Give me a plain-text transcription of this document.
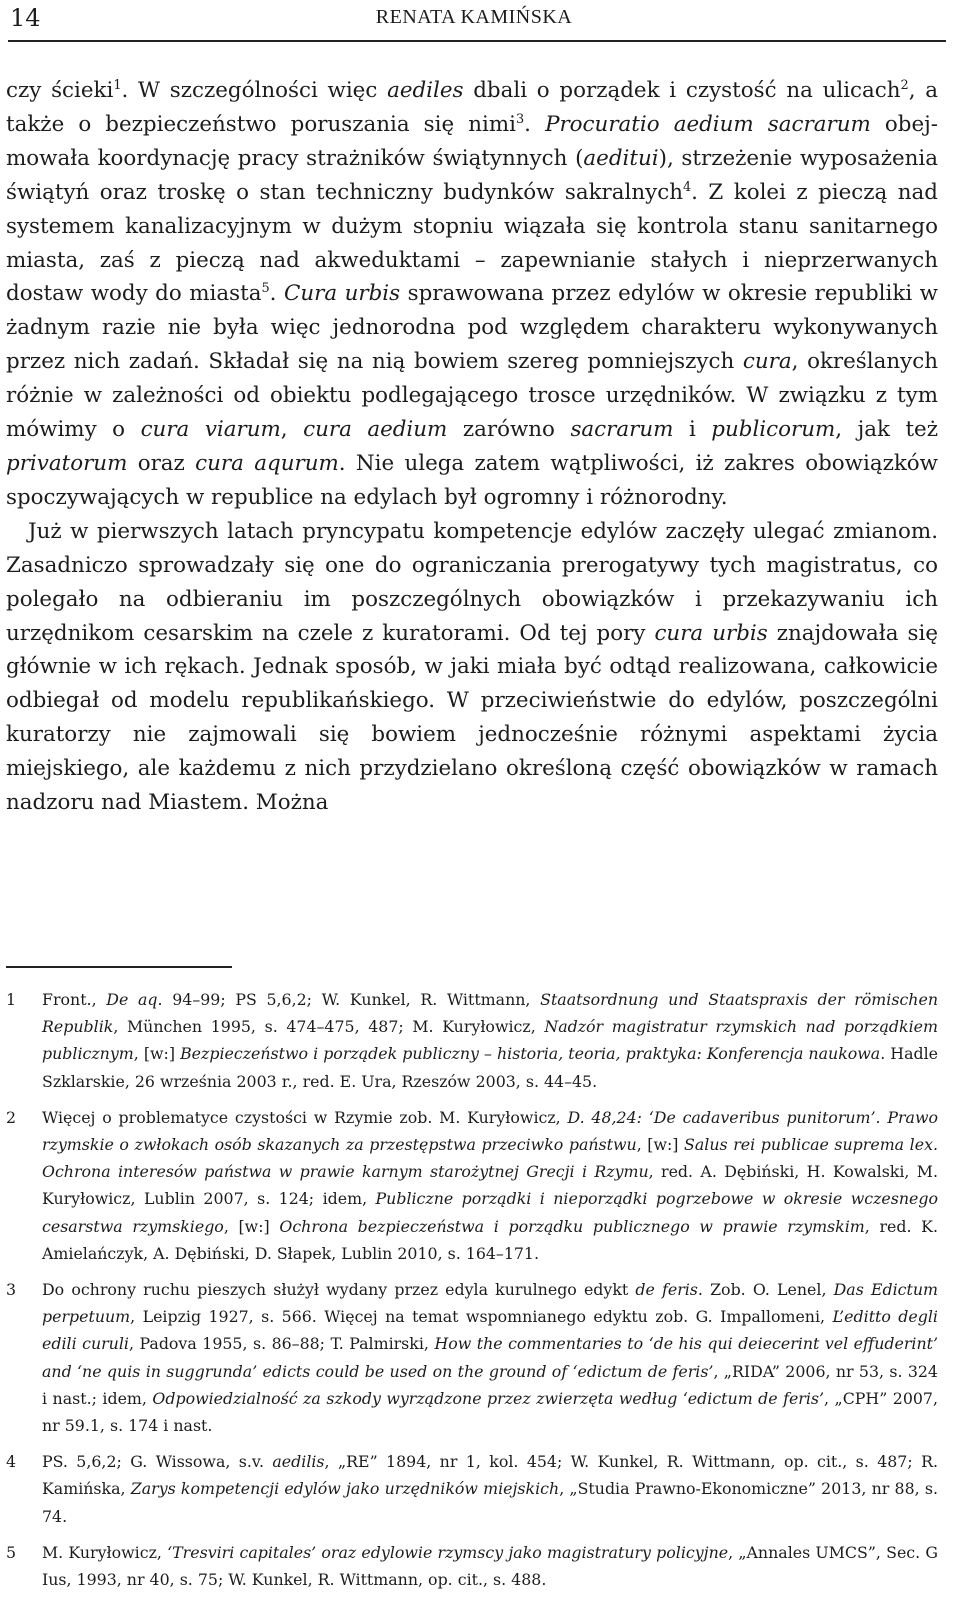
14	RENATA KAMIŃSKA

czy ścieki$^1$. W szczególności więc aediles dbali o porządek i czystość na ulicach$^2$, a także o bezpieczeństwo poruszania się nimi$^3$. Procuratio aedium sacrarum obejmowała koordynację pracy strażników świątynnych (aeditui), strzeżenie wyposażenia świątyń oraz troskę o stan techniczny budynków sakralnych$^4$. Z kolei z pieczą nad systemem kanalizacyjnym w dużym stopniu wiązała się kontrola stanu sanitarnego miasta, zaś z pieczą nad akweduktami – zapewnianie stałych i nieprzerwanych dostaw wody do miasta$^5$. Cura urbis sprawowana przez edylów w okresie republiki w żadnym razie nie była więc jednorodna pod względem charakteru wykonywanych przez nich zadań. Składał się na nią bowiem szereg pomniejszych cura, określanych różnie w zależności od obiektu podlegającego trosce urzędników. W związku z tym mówimy o cura viarum, cura aedium zarówno sacrarum i publicorum, jak też privatorum oraz cura aqurum. Nie ulega zatem wątpliwości, iż zakres obowiązków spoczywających w republice na edylach był ogromny i różnorodny.

Już w pierwszych latach pryncypatu kompetencje edylów zaczęły ulegać zmianom. Zasadniczo sprowadzały się one do ograniczania prerogatywy tych magistratus, co polegało na odbieraniu im poszczególnych obowiązków i przekazywaniu ich urzędnikom cesarskim na czele z kuratorami. Od tej pory cura urbis znajdowała się głównie w ich rękach. Jednak sposób, w jaki miała być odtąd realizowana, całkowicie odbiegał od modelu republikańskiego. W przeciwieństwie do edylów, poszczególni kuratorzy nie zajmowali się bowiem jednocześnie różnymi aspektami życia miejskiego, ale każdemu z nich przydzielano określoną część obowiązków w ramach nadzoru nad Miastem. Można

1 Front., De aq. 94–99; PS 5,6,2; W. Kunkel, R. Wittmann, Staatsordnung und Staatspraxis der römischen Republik, München 1995, s. 474–475, 487; M. Kuryłowicz, Nadzór magistratur rzymskich nad porządkiem publicznym, [w:] Bezpieczeństwo i porządek publiczny – historia, teoria, praktyka: Konferencja naukowa. Hadle Szklarskie, 26 września 2003 r., red. E. Ura, Rzeszów 2003, s. 44–45.
2 Więcej o problematyce czystości w Rzymie zob. M. Kuryłowicz, D. 48,24: ‘De cadaveribus punitorum’. Prawo rzymskie o zwłokach osób skazanych za przestępstwa przeciwko państwu, [w:] Salus rei publicae suprema lex. Ochrona interesów państwa w prawie karnym starożytnej Grecji i Rzymu, red. A. Dębiński, H. Kowalski, M. Kuryłowicz, Lublin 2007, s. 124; idem, Publiczne porządki i nieporządki pogrzebowe w okresie wczesnego cesarstwa rzymskiego, [w:] Ochrona bezpieczeństwa i porządku publicznego w prawie rzymskim, red. K. Amielańczyk, A. Dębiński, D. Słapek, Lublin 2010, s. 164–171.
3 Do ochrony ruchu pieszych służył wydany przez edyla kurulnego edykt de feris. Zob. O. Lenel, Das Edictum perpetuum, Leipzig 1927, s. 566. Więcej na temat wspomnianego edyktu zob. G. Impallomeni, L’editto degli edili curuli, Padova 1955, s. 86–88; T. Palmirski, How the commentaries to ‘de his qui deiecerint vel effuderint’ and ‘ne quis in suggrunda’ edicts could be used on the ground of ‘edictum de feris’, „RIDA” 2006, nr 53, s. 324 i nast.; idem, Odpowiedzialność za szkody wyrządzone przez zwierzęta według ‘edictum de feris’, „CPH” 2007, nr 59.1, s. 174 i nast.
4 PS. 5,6,2; G. Wissowa, s.v. aedilis, „RE” 1894, nr 1, kol. 454; W. Kunkel, R. Wittmann, op. cit., s. 487; R. Kamińska, Zarys kompetencji edylów jako urzędników miejskich, „Studia Prawno-Ekonomiczne” 2013, nr 88, s. 74.
5 M. Kuryłowicz, ‘Tresviri capitales’ oraz edylowie rzymscy jako magistratury policyjne, „Annales UMCS”, Sec. G Ius, 1993, nr 40, s. 75; W. Kunkel, R. Wittmann, op. cit., s. 488.
